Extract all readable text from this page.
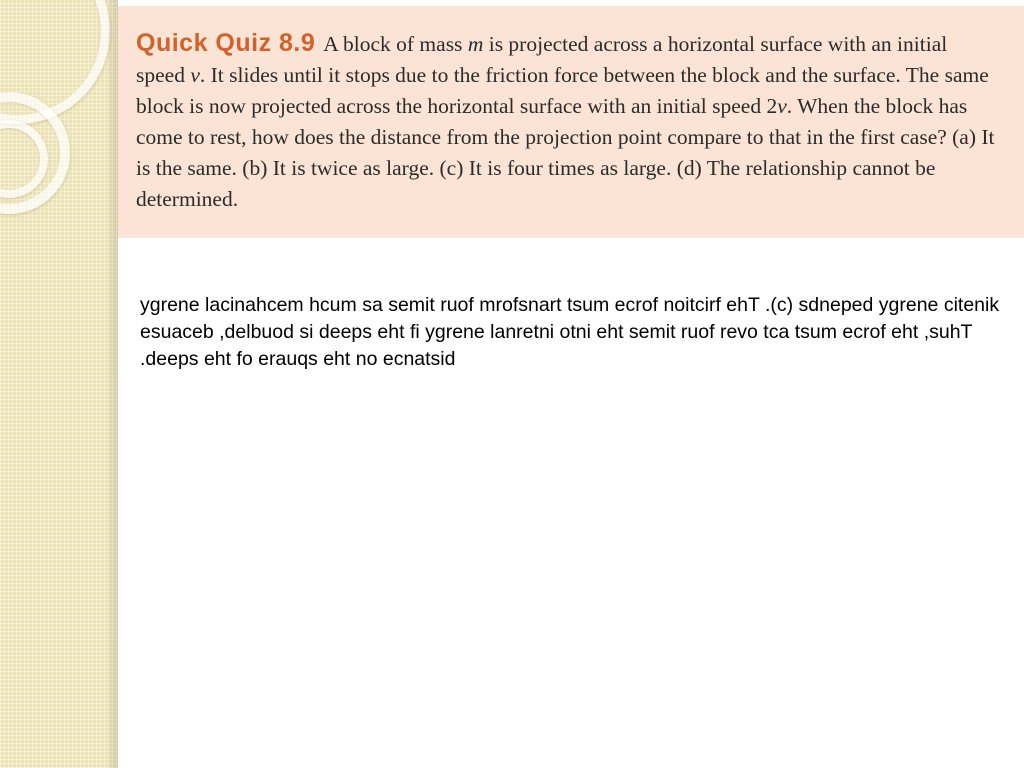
Quick Quiz 8.9 A block of mass m is projected across a horizontal surface with an initial speed v. It slides until it stops due to the friction force between the block and the surface. The same block is now projected across the horizontal surface with an initial speed 2v. When the block has come to rest, how does the distance from the projection point compare to that in the first case? (a) It is the same. (b) It is twice as large. (c) It is four times as large. (d) The relationship cannot be determined.

ygrene lacinahcem hcum sa semit ruof mrofsnart tsum ecrof noitcirf ehT .(c) sdneped ygrene citenik esuaceb ,delbuod si deeps eht fi ygrene lanretni otni eht semit ruof revo tca tsum ecrof eht ,suhT .deeps eht fo erauqs eht no ecnatsid
